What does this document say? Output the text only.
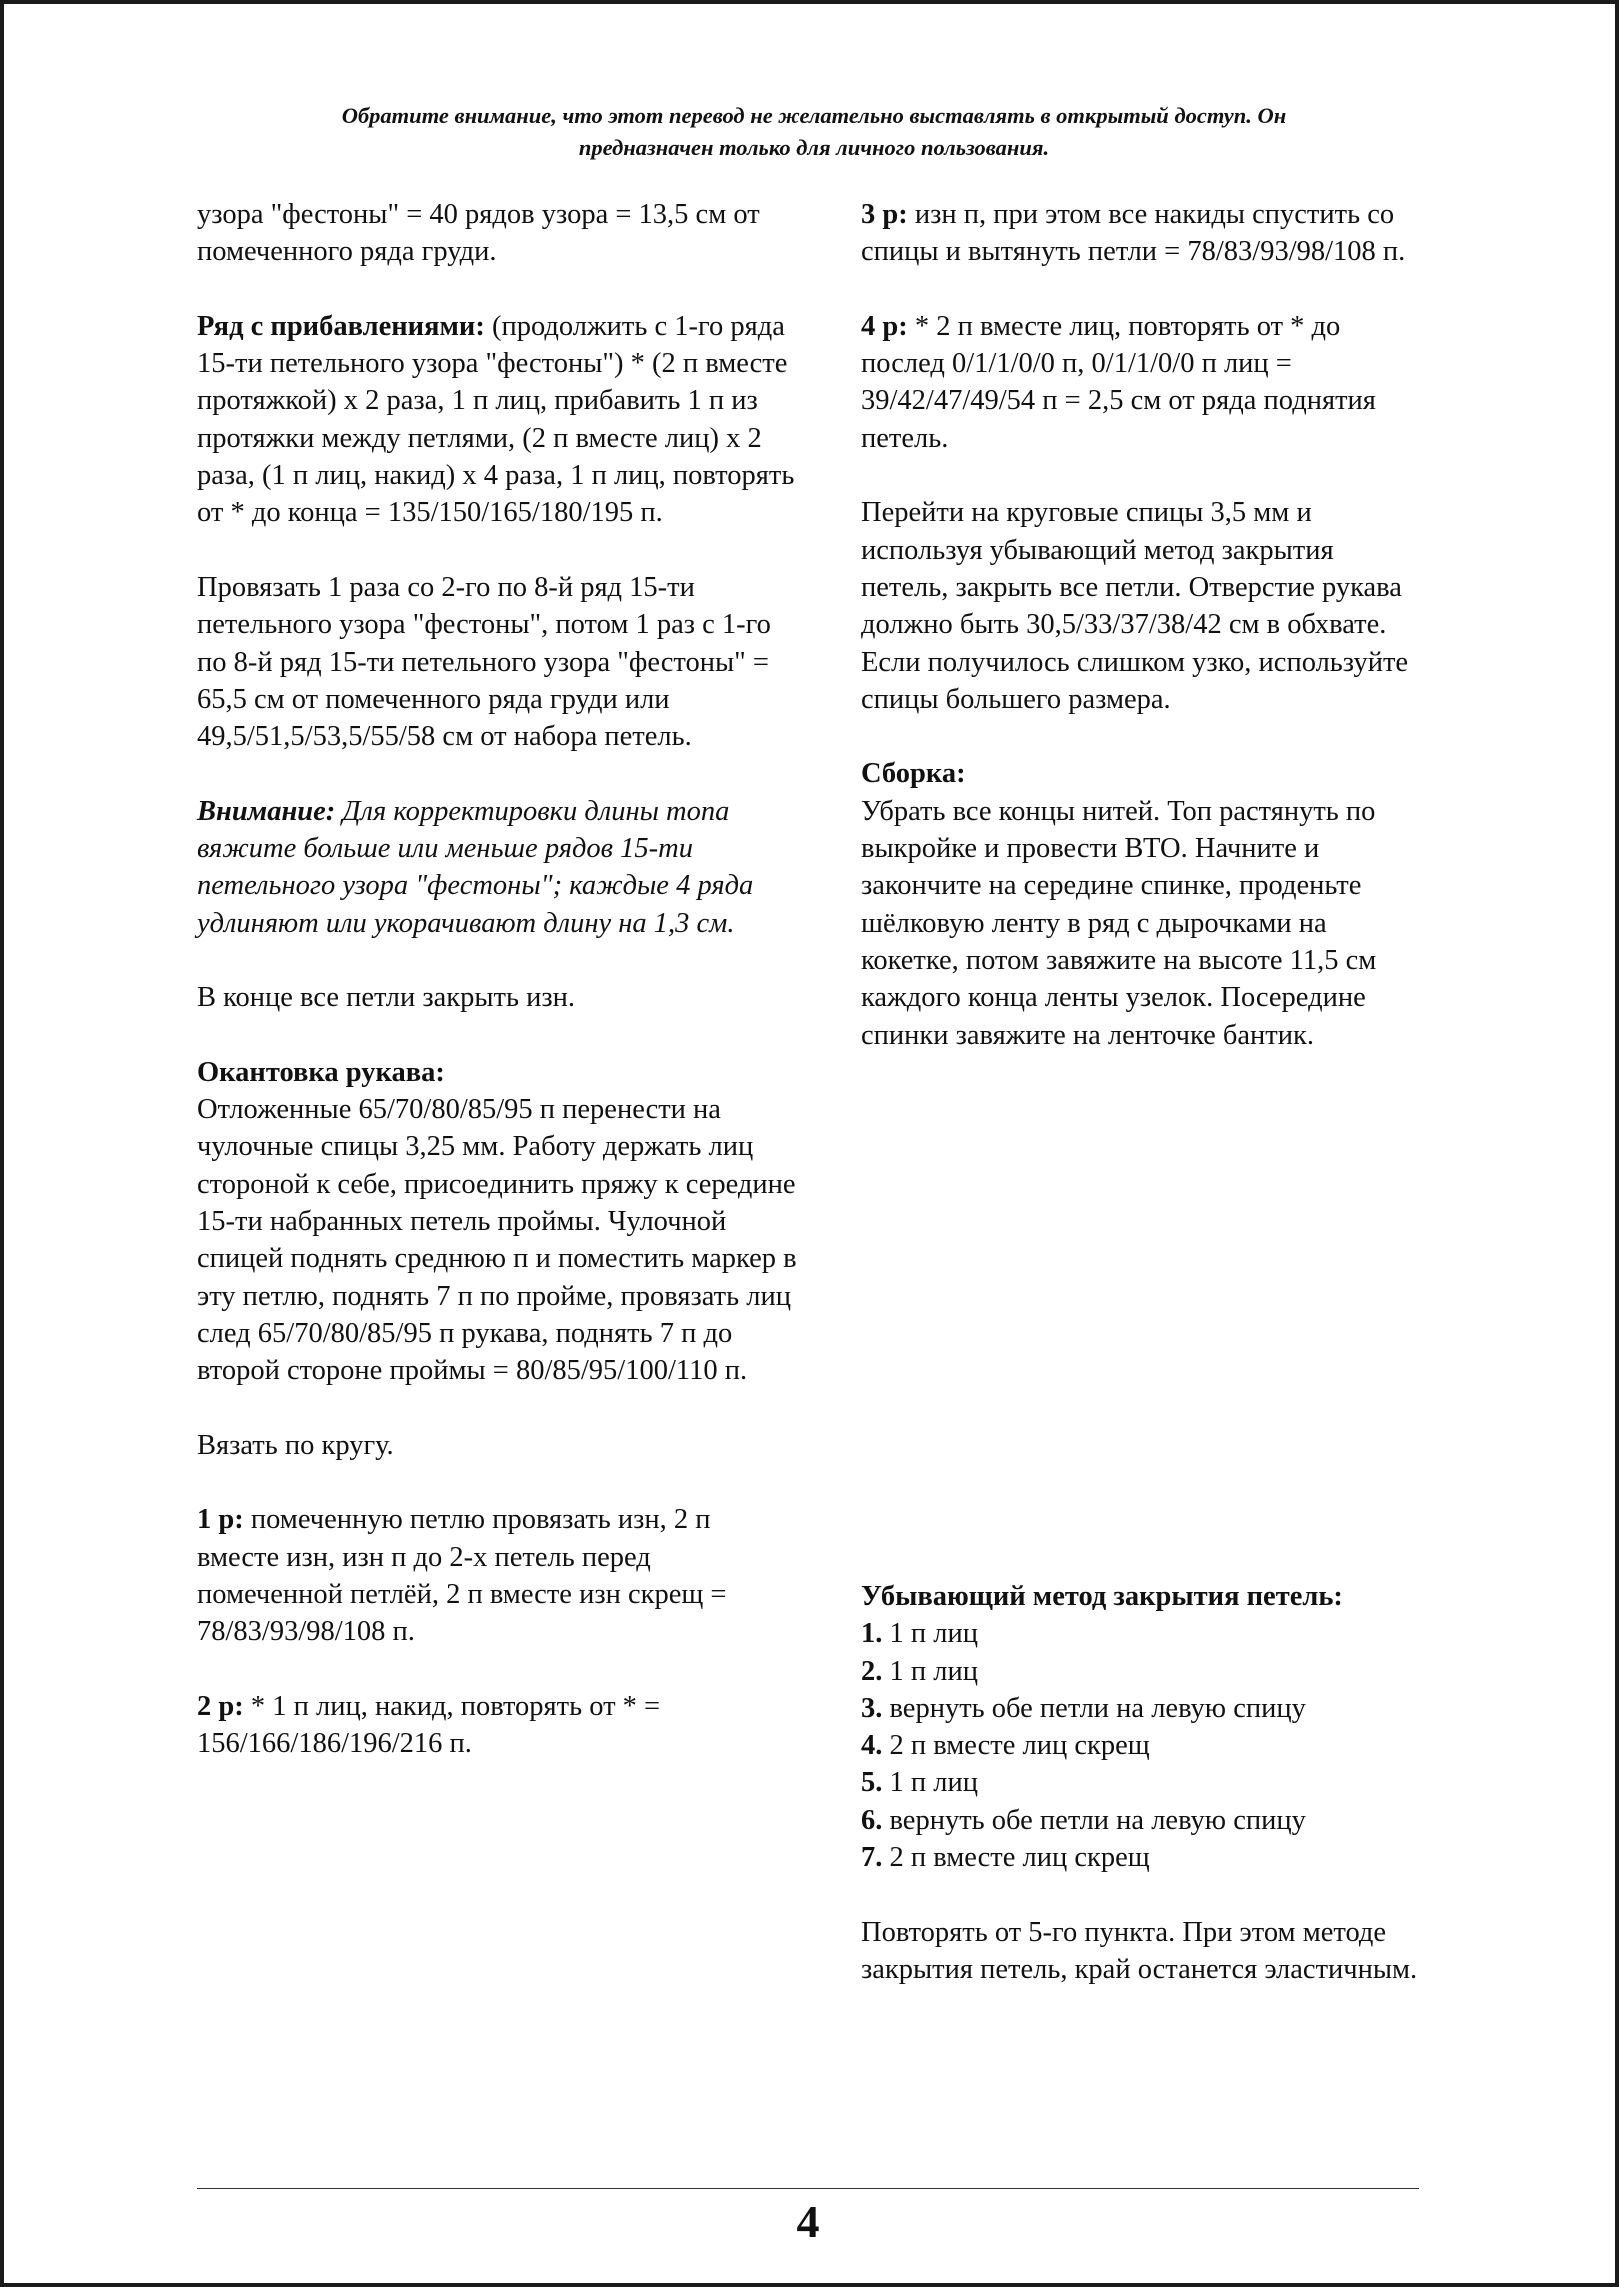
Обратите внимание, что этот перевод не желательно выставлять в открытый доступ. Он
предназначен только для личного пользования.

узора "фестоны" = 40 рядов узора = 13,5 см от помеченного ряда груди.

Ряд с прибавлениями: (продолжить с 1-го ряда 15-ти петельного узора "фестоны") * (2 п вместе протяжкой) x 2 раза, 1 п лиц, прибавить 1 п из протяжки между петлями, (2 п вместе лиц) x 2 раза, (1 п лиц, накид) x 4 раза, 1 п лиц, повторять от * до конца = 135/150/165/180/195 п.

Провязать 1 раза со 2-го по 8-й ряд 15-ти петельного узора "фестоны", потом 1 раз с 1-го по 8-й ряд 15-ти петельного узора "фестоны" = 65,5 см от помеченного ряда груди или 49,5/51,5/53,5/55/58 см от набора петель.

Внимание: Для корректировки длины топа вяжите больше или меньше рядов 15-ти петельного узора "фестоны"; каждые 4 ряда удлиняют или укорачивают длину на 1,3 см.

В конце все петли закрыть изн.

Окантовка рукава:
Отложенные 65/70/80/85/95 п перенести на чулочные спицы 3,25 мм. Работу держать лиц стороной к себе, присоединить пряжу к середине 15-ти набранных петель проймы. Чулочной спицей поднять среднюю п и поместить маркер в эту петлю, поднять 7 п по пройме, провязать лиц след 65/70/80/85/95 п рукава, поднять 7 п до второй стороне проймы = 80/85/95/100/110 п.

Вязать по кругу.

1 р: помеченную петлю провязать изн, 2 п вместе изн, изн п до 2-х петель перед помеченной петлёй, 2 п вместе изн скрещ = 78/83/93/98/108 п.

2 р: * 1 п лиц, накид, повторять от * = 156/166/186/196/216 п.

3 р: изн п, при этом все накиды спустить со спицы и вытянуть петли = 78/83/93/98/108 п.

4 р: * 2 п вместе лиц, повторять от * до послед 0/1/1/0/0 п, 0/1/1/0/0 п лиц = 39/42/47/49/54 п = 2,5 см от ряда поднятия петель.

Перейти на круговые спицы 3,5 мм и используя убывающий метод закрытия петель, закрыть все петли. Отверстие рукава должно быть 30,5/33/37/38/42 см в обхвате. Если получилось слишком узко, используйте спицы большего размера.

Сборка:
Убрать все концы нитей. Топ растянуть по выкройке и провести ВТО. Начните и закончите на середине спинке, проденьте шёлковую ленту в ряд с дырочками на кокетке, потом завяжите на высоте 11,5 см каждого конца ленты узелок. Посередине спинки завяжите на ленточке бантик.

Убывающий метод закрытия петель:
1. 1 п лиц
2. 1 п лиц
3. вернуть обе петли на левую спицу
4. 2 п вместе лиц скрещ
5. 1 п лиц
6. вернуть обе петли на левую спицу
7. 2 п вместе лиц скрещ

Повторять от 5-го пункта. При этом методе закрытия петель, край останется эластичным.

4
